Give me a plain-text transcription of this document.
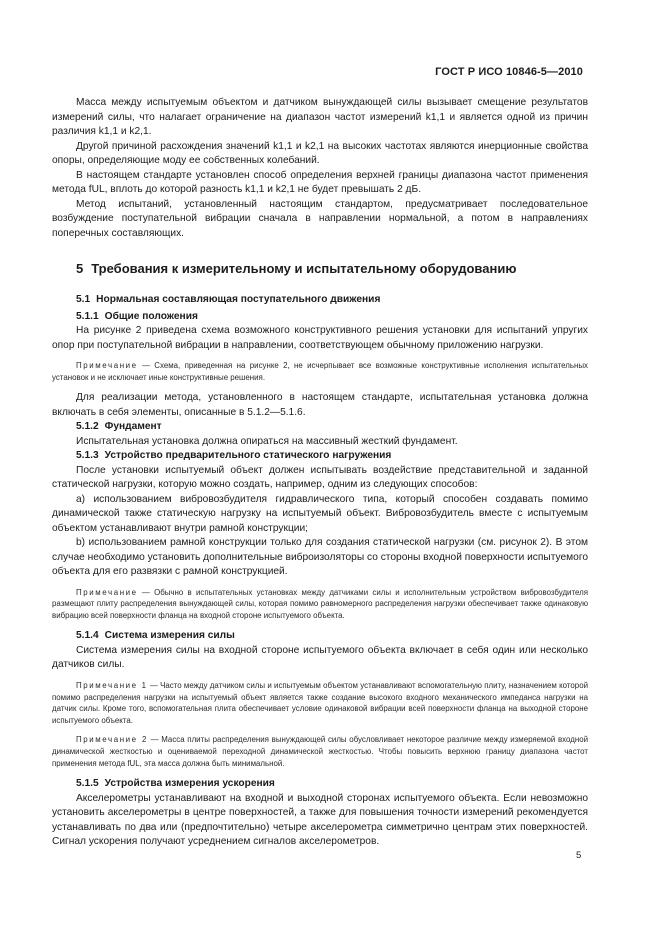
ГОСТ Р ИСО 10846-5—2010

Масса между испытуемым объектом и датчиком вынуждающей силы вызывает смещение результатов измерений силы, что налагает ограничение на диапазон частот измерений k1,1 и является одной из причин различия k1,1 и k2,1.

Другой причиной расхождения значений k1,1 и k2,1 на высоких частотах являются инерционные свойства опоры, определяющие моду ее собственных колебаний.

В настоящем стандарте установлен способ определения верхней границы диапазона частот применения метода fUL, вплоть до которой разность k1,1 и k2,1 не будет превышать 2 дБ.

Метод испытаний, установленный настоящим стандартом, предусматривает последовательное возбуждение поступательной вибрации сначала в направлении нормальной, а потом в направлениях поперечных составляющих.

5 Требования к измерительному и испытательному оборудованию
5.1 Нормальная составляющая поступательного движения
5.1.1 Общие положения

На рисунке 2 приведена схема возможного конструктивного решения установки для испытаний упругих опор при поступательной вибрации в направлении, соответствующем обычному приложению нагрузки.

Примечание — Схема, приведенная на рисунке 2, не исчерпывает все возможные конструктивные исполнения испытательных установок и не исключает иные конструктивные решения.

Для реализации метода, установленного в настоящем стандарте, испытательная установка должна включать в себя элементы, описанные в 5.1.2—5.1.6.

5.1.2 Фундамент

Испытательная установка должна опираться на массивный жесткий фундамент.

5.1.3 Устройство предварительного статического нагружения

После установки испытуемый объект должен испытывать воздействие представительной и заданной статической нагрузки, которую можно создать, например, одним из следующих способов:

а) использованием вибровозбудителя гидравлического типа, который способен создавать помимо динамической также статическую нагрузку на испытуемый объект. Вибровозбудитель вместе с испытуемым объектом устанавливают внутри рамной конструкции;

b) использованием рамной конструкции только для создания статической нагрузки (см. рисунок 2). В этом случае необходимо установить дополнительные виброизоляторы со стороны входной поверхности испытуемого объекта для его развязки с рамной конструкцией.

Примечание — Обычно в испытательных установках между датчиками силы и исполнительным устройством вибровозбудителя размещают плиту распределения вынуждающей силы, которая помимо равномерного распределения нагрузки обеспечивает также одинаковую вибрацию всей поверхности фланца на входной стороне испытуемого объекта.

5.1.4 Система измерения силы

Система измерения силы на входной стороне испытуемого объекта включает в себя один или несколько датчиков силы.

Примечание 1 — Часто между датчиком силы и испытуемым объектом устанавливают вспомогательную плиту, назначением которой помимо распределения нагрузки на испытуемый объект является также создание высокого входного механического импеданса нагрузки на датчик силы. Кроме того, вспомогательная плита обеспечивает условие одинаковой вибрации всей поверхности фланца на выходной стороне испытуемого объекта.

Примечание 2 — Масса плиты распределения вынуждающей силы обусловливает некоторое различие между измеряемой входной динамической жесткостью и оцениваемой переходной динамической жесткостью. Чтобы повысить верхнюю границу диапазона частот применения метода fUL, эта масса должна быть минимальной.

5.1.5 Устройства измерения ускорения

Акселерометры устанавливают на входной и выходной сторонах испытуемого объекта. Если невозможно установить акселерометры в центре поверхностей, а также для повышения точности измерений рекомендуется устанавливать по два или (предпочтительно) четыре акселерометра симметрично центрам этих поверхностей. Сигнал ускорения получают усреднением сигналов акселерометров.

5
